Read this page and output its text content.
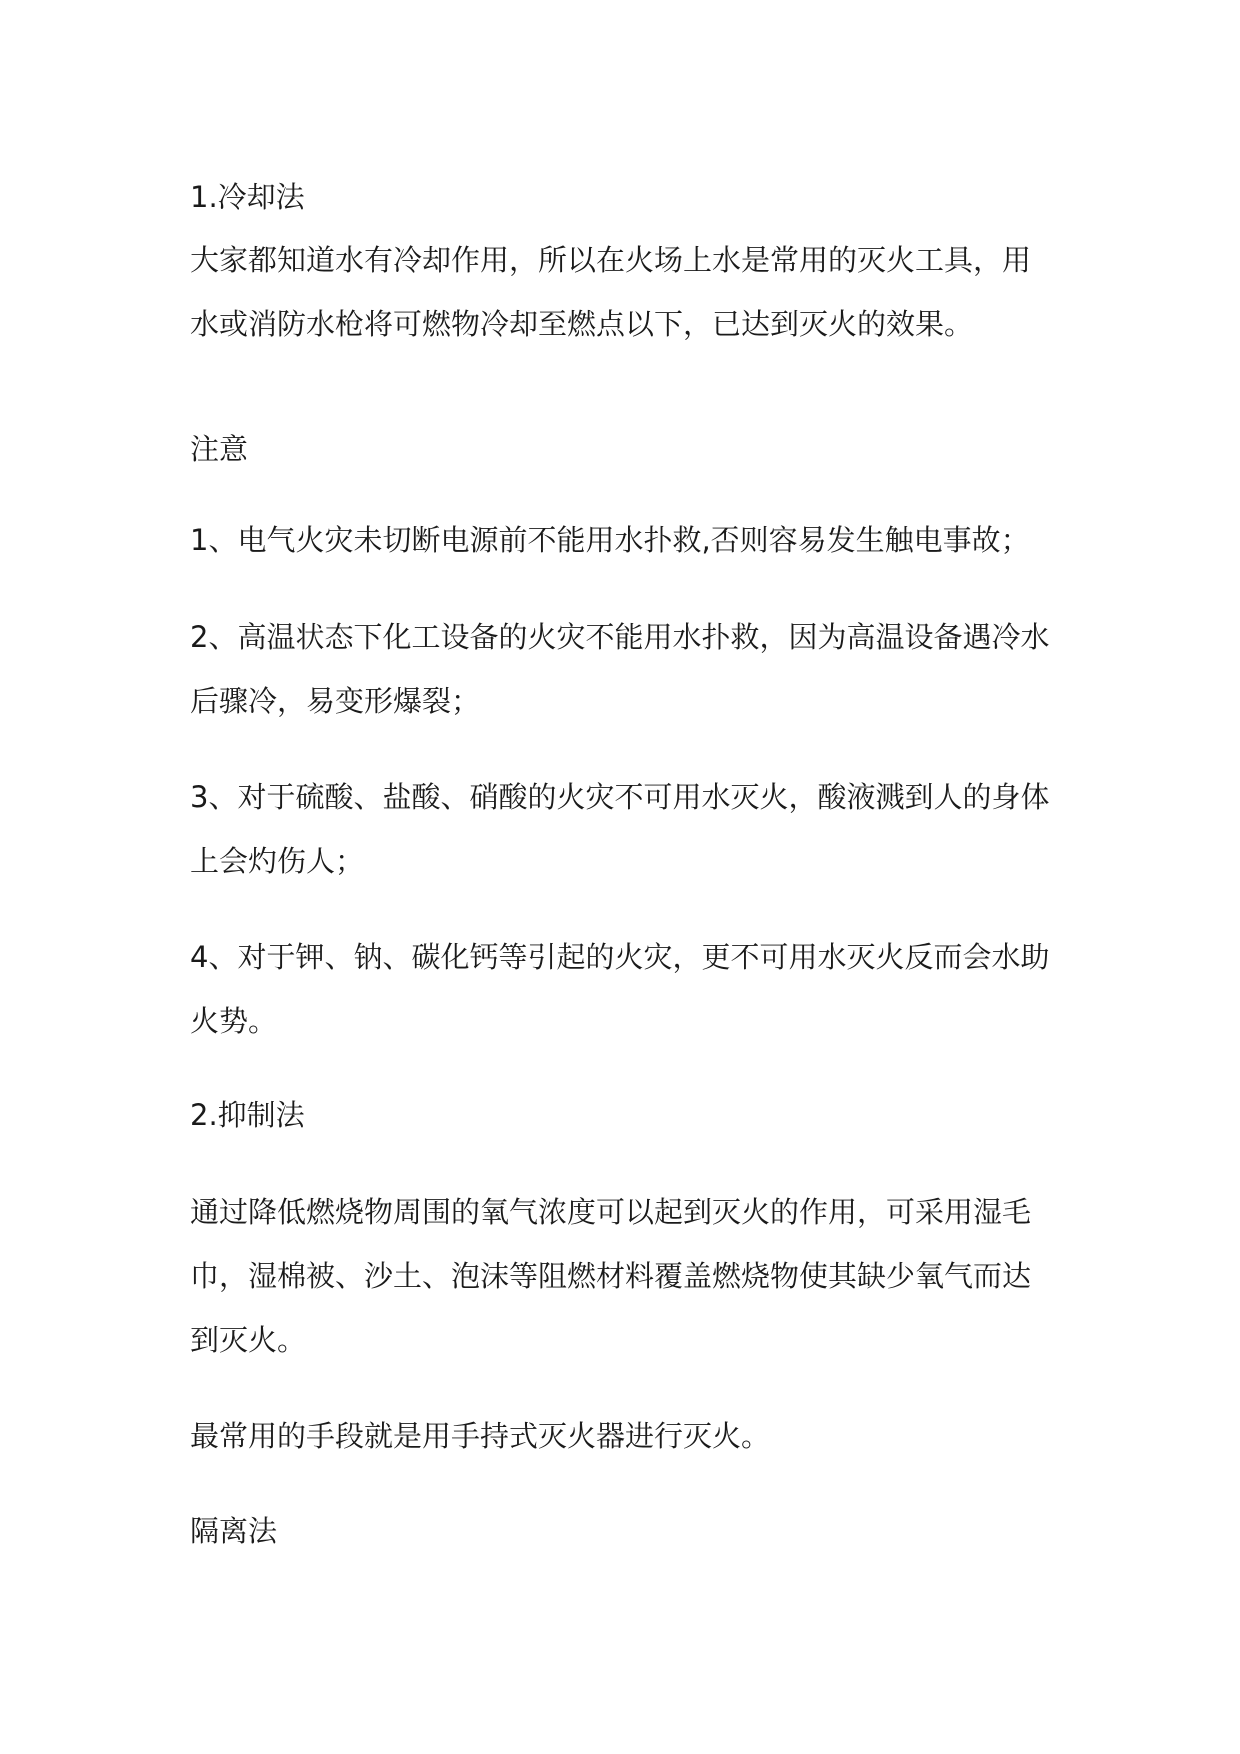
1.冷却法

大家都知道水有冷却作用，所以在火场上水是常用的灭火工具，用
水或消防水枪将可燃物冷却至燃点以下，已达到灭火的效果。

注意

1、电气火灾未切断电源前不能用水扑救,否则容易发生触电事故；

2、高温状态下化工设备的火灾不能用水扑救，因为高温设备遇冷水
后骤冷，易变形爆裂；

3、对于硫酸、盐酸、硝酸的火灾不可用水灭火，酸液溅到人的身体
上会灼伤人；

4、对于钾、钠、碳化钙等引起的火灾，更不可用水灭火反而会水助
火势。

2.抑制法

通过降低燃烧物周围的氧气浓度可以起到灭火的作用，可采用湿毛
巾，湿棉被、沙土、泡沫等阻燃材料覆盖燃烧物使其缺少氧气而达
到灭火。

最常用的手段就是用手持式灭火器进行灭火。

隔离法
